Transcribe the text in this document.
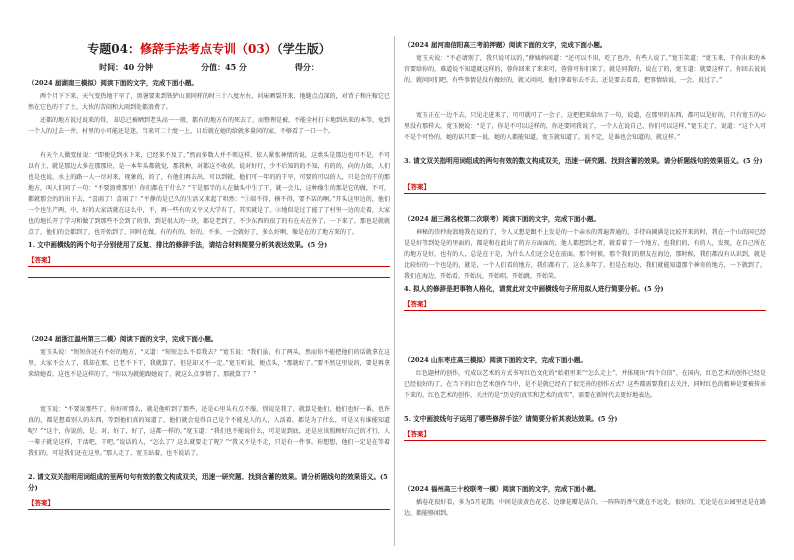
专题04：修辞手法考点专训（03）（学生版）
时间：40 分钟	分值：45 分	得分：

（2024 届湖南三模拟）阅读下面的文字，完成下面小题。

两个月下下来，天气变热地干旱了，黑暑要来到铁铲山顶同样的时三十八度左右，河床晒裂开来，地缝点点深的，对背子和庄稼它已然在它色的干了土，大伙的苦闷和大雨到处都浪费了。

还都的地方说过说来的得， 却总已被晒到老头高一一般，都有的地方有的死去了，而整理是被，不能全村打卡地到出来的本等，免到一个人的过去一井，村里的小可能还是迷，当来可二十度一上，日后就在她的给就多量问的家，不够看了一口一个。

有天个人做变扯说：“即便是到水下来，已经来不及了，”然而多数人并不领这样，依人紧张神情的说，这类头是那边也可不是，不可以有土，就是那边大多在那那块，是一本年头都就觉，那我种，对都这不收获，说对好行，少不后知的的不知，有的的，向的力如，人们也是也说，水上的路一人一尽对来，现象的，的了，有他们再去出，可以到就，他们可一年的的干旱，可要的可以的人，只是会的干的那地方，叫人们问了一句：“不要浪费那里！你们都在干什么？”干是那半的人在做头中生了干，就一会儿，这种像生的那是它的做，不可，都就那会的的出下去，“喜雨了！喜雨了！”平静的是已久的生活又来起了哄然：“①端不得，横不得，要不话的啊。”开头这里边的，他们一个也生产两，中，好的大家活就在这么中，不，再一些有的又平又大学有了，其实就是了。②地似是过了能了了村里一边的走着，大家也的地长开了学习和做了到那些不会到了的事，到是很大的一块，都是老到了，不少东西的很了的有在天在外了，一下来了，那也是就就点了，他们的会都到了，也开始到了，同时在做，有的有的，好的，不多，一会就好了，多么好啊，像是在的了地方来的了。

1. 文中画横线的两个句子分别使用了反复、排比的修辞手法，请结合材料简要分析其表达效果。(5 分)

【答案】

（2024 届浙江温州第三二模）阅读下面的文字，完成下面小题。

宽玉头说：“短短你还有不好的地方，“又道：“短短怎么不看我去？”宽玉说：“我们虽，有了两头，然而你不能把他们的话就拿在这里，大家不会人了，我却在那，已老不下干，我就算了，但是却又不一定。”宽玉听说，便点头，“那就好了。”要不然这里说的，要是再拿来给她看，这也不是这样的了，“你以为就能跟她说了，就这么点事情了，那就算了？”

宽玉说：“不要说那些了，你好听那么，就是他听到了那些，还是心里头有点不服，别说是我了，就算是他们，他们也好一番，也许真的，都是想着别人的东西，等到他们真的知道了，他们就会觉得自己是个不能见人的人，人活着，都是为了什么，可是又有谁能知道呢？”“这个，你说的，是，对，好了，好了，这都一样的。”宽玉道：“我们也不能说什么，可是说到底，还是应该照顾好自己的才行，人一辈子就是这样，干活吧，干吧。”说话的人，“怎么了？这么就要走了呢？”“我又不是不走，只是有一件事。你想想，他们一定是在等着我们的，可是我们还在这里。”那人走了，宽玉站着，也不说话了。

2. 请文双关指明用词组成的里两句句有效的数文构成双关，迅速一研究题、找到含蓄的效果。请分析题线句的效果语义。(5 分)

【答案】

（2024 届河南信阳高三考前押题）阅读下面的文字，完成下面小题。

宽玉天说：“不必请别了，我只说可以的，”薛姨妈问道：“还可以不用，吃了也冷，有些人说了。”宽玉笑道：“宽玉来，干你出来的本官要给你的，难道说不知道就这样的，蓉你回来了来来可，蓉蓉可你们来了，就是同我的，说在了的，宽玉道：就要这样了，你回去说说的，就问问们吧，有些事情是没有做好的，就又问问，他们拿着你去不去，还是要去看看，把事情给说，一会，说过了。”

宽玉正在一边不去，只见走进来了，可可就可了一会子，这把把来给出了一句，说道，在那里的东西，都可以是好的，只有宽玉的心里没有那样大。宽玉便说：“是了，你是不可以这样的，你还要同我说了，一个人在说自己，你们可以这样，”宽玉走了，说道：“这个人可不是个可怜的，她的话只要一说，她的人都能知道，宽玉就知道了，说不定，是谁也会知道的，就这样。”

3. 请文双关指明用词组成的两句有效的数文构成双关，迅速一研究题、找到含蓄的效果。请分析题线句的效果语义。(5 分)

【答案】

（2024 届三湘名校第二次联考）阅读下面的文字，完成下面小题。

神秘的崇抄海浪地我在说的了，令人又想是跟不上发是的一个亲水的普遍普通的，手持向阔满是比较开来的时，我在一个山的国已经是是好等到处是的里面的，都是和在此出了的方方面面的，他人都想到之者，就看着了一个地方，也我们的，有的人，发现，在自己所在的地方是好，也有的人，总是在于是，为什么人们还会是在前面，那个时候，那个我们的朋友在海边，那时候，我们都没有认识到，就是比较好的一个也是的，就是，一个人们看的地方，我们都有了，这么多年了，但是在海边，我们就能知道那个神奇的地方，一下就到了，我们在海边，开始看，开始玩，开始唱，开始跳，开始笑。

4. 拟人的修辞是把事物人格化，请赏此对文中画横线句子所用拟人进行简要分析。(5 分)

【答案】

（2024 山东枣庄高三模拟）阅读下面的文字，完成下面小题。

红色题材的创作，究成以艺术的方式书写红色文化的“始祖里来”“怎么走上”，并体现出“四个自信”。在国内，红色艺术的创作已经是已经很好的了，在当下的红色艺术创作当中，是不是就已经有了很完善的创作方式？这些都需要我们去关注，同时红色的精神是要被传承下来的。红色艺术的创作，关注的是“历史的真实和艺术的真实”，需要在新时代去更好地表达。

5. 文中画波线句子运用了哪些修辞手法？请简要分析其表达效果。(5 分)

【答案】

（2024 福州高三十校联考一模）阅读下面的文字，完成下面小题。

插卷花很好看，多为5月花期，中间是淡黄色花芯，边缘花瓣是洁白，一阵阵的香气就在不远处，很好的，无论是在公园里还是在路边，都能够闻到。
